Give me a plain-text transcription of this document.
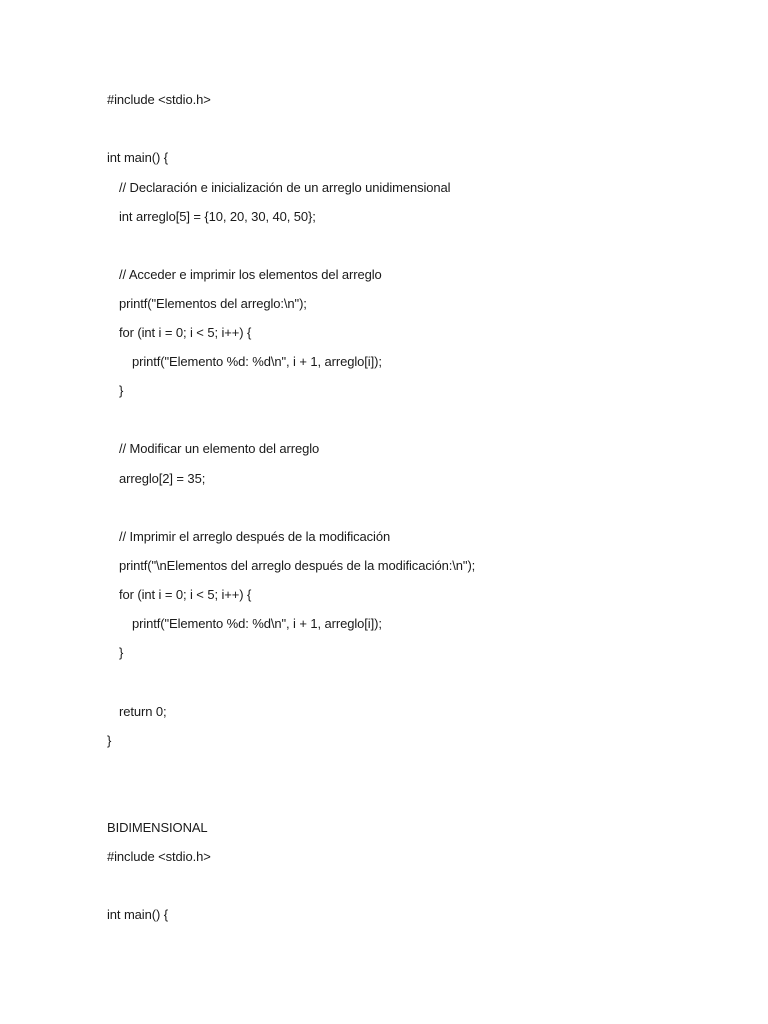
#include <stdio.h>
int main() {
// Declaración e inicialización de un arreglo unidimensional
int arreglo[5] = {10, 20, 30, 40, 50};
// Acceder e imprimir los elementos del arreglo
printf("Elementos del arreglo:\n");
for (int i = 0; i < 5; i++) {
printf("Elemento %d: %d\n", i + 1, arreglo[i]);
}
// Modificar un elemento del arreglo
arreglo[2] = 35;
// Imprimir el arreglo después de la modificación
printf("\nElementos del arreglo después de la modificación:\n");
for (int i = 0; i < 5; i++) {
printf("Elemento %d: %d\n", i + 1, arreglo[i]);
}
return 0;
}
BIDIMENSIONAL
#include <stdio.h>
int main() {
